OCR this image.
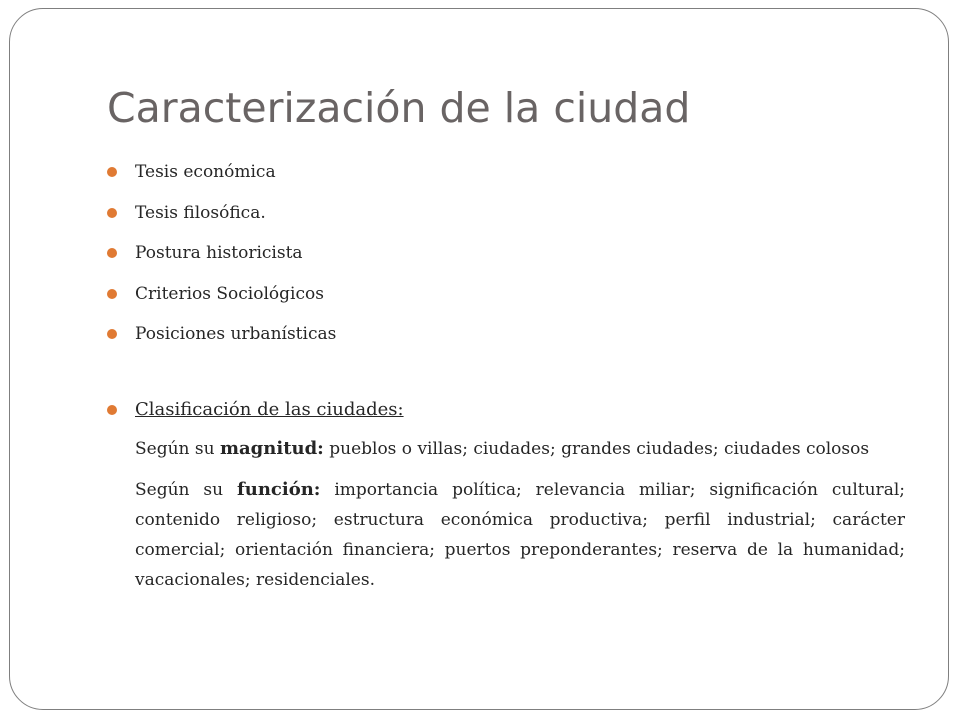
Caracterización de la ciudad
Tesis económica
Tesis filosófica.
Postura historicista
Criterios Sociológicos
Posiciones urbanísticas
Clasificación de las ciudades:

Según su magnitud: pueblos o villas; ciudades; grandes ciudades; ciudades colosos

Según su función: importancia política; relevancia miliar; significación cultural; contenido religioso; estructura económica productiva; perfil industrial; carácter comercial; orientación financiera; puertos preponderantes; reserva de la humanidad; vacacionales; residenciales.
